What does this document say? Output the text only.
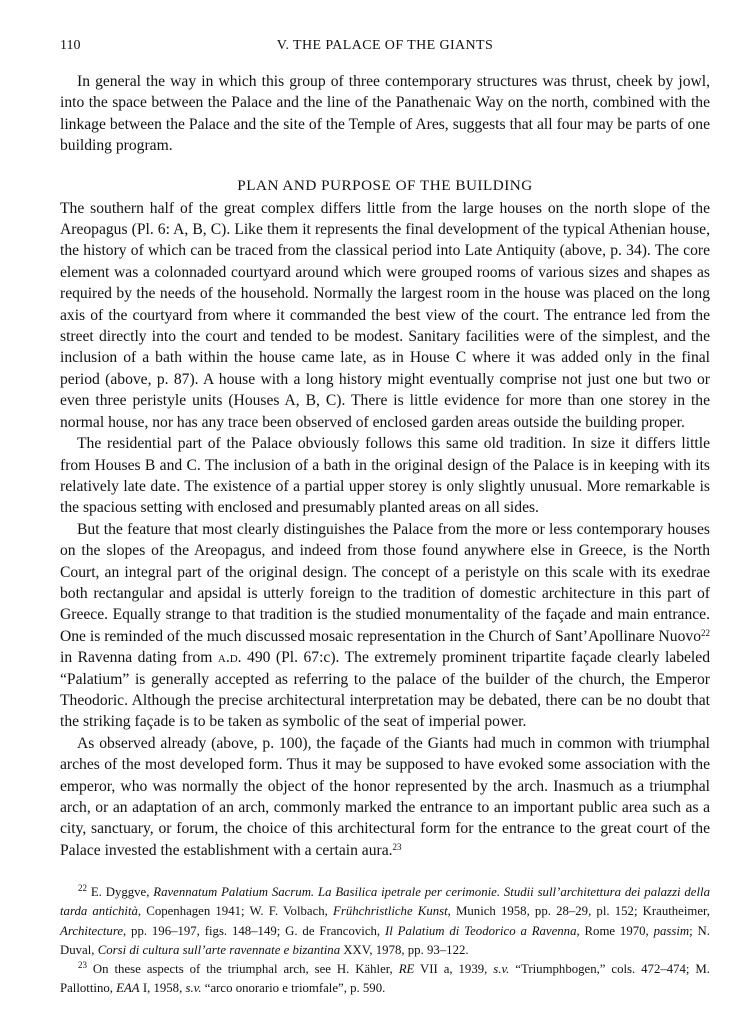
110	V. THE PALACE OF THE GIANTS

In general the way in which this group of three contemporary structures was thrust, cheek by jowl, into the space between the Palace and the line of the Panathenaic Way on the north, combined with the linkage between the Palace and the site of the Temple of Ares, suggests that all four may be parts of one building program.

PLAN AND PURPOSE OF THE BUILDING

The southern half of the great complex differs little from the large houses on the north slope of the Areopagus (Pl. 6: A, B, C). Like them it represents the final development of the typical Athenian house, the history of which can be traced from the classical period into Late Antiquity (above, p. 34). The core element was a colonnaded courtyard around which were grouped rooms of various sizes and shapes as required by the needs of the household. Normally the largest room in the house was placed on the long axis of the courtyard from where it commanded the best view of the court. The entrance led from the street directly into the court and tended to be modest. Sanitary facilities were of the simplest, and the inclusion of a bath within the house came late, as in House C where it was added only in the final period (above, p. 87). A house with a long history might eventually comprise not just one but two or even three peristyle units (Houses A, B, C). There is little evidence for more than one storey in the normal house, nor has any trace been observed of enclosed garden areas outside the building proper.

The residential part of the Palace obviously follows this same old tradition. In size it differs little from Houses B and C. The inclusion of a bath in the original design of the Palace is in keeping with its relatively late date. The existence of a partial upper storey is only slightly unusual. More remarkable is the spacious setting with enclosed and presumably planted areas on all sides.

But the feature that most clearly distinguishes the Palace from the more or less contemporary houses on the slopes of the Areopagus, and indeed from those found anywhere else in Greece, is the North Court, an integral part of the original design. The concept of a peristyle on this scale with its exedrae both rectangular and apsidal is utterly foreign to the tradition of domestic architecture in this part of Greece. Equally strange to that tradition is the studied monumentality of the façade and main entrance. One is reminded of the much discussed mosaic representation in the Church of Sant’Apollinare Nuovo$^{22}$ in Ravenna dating from a.d. 490 (Pl. 67:c). The extremely prominent tripartite façade clearly labeled “Palatium” is generally accepted as referring to the palace of the builder of the church, the Emperor Theodoric. Although the precise architectural interpretation may be debated, there can be no doubt that the striking façade is to be taken as symbolic of the seat of imperial power.

As observed already (above, p. 100), the façade of the Giants had much in common with triumphal arches of the most developed form. Thus it may be supposed to have evoked some association with the emperor, who was normally the object of the honor represented by the arch. Inasmuch as a triumphal arch, or an adaptation of an arch, commonly marked the entrance to an important public area such as a city, sanctuary, or forum, the choice of this architectural form for the entrance to the great court of the Palace invested the establishment with a certain aura.$^{23}$

$^{22}$ E. Dyggve, Ravennatum Palatium Sacrum. La Basilica ipetrale per cerimonie. Studii sull’architettura dei palazzi della tarda antichità, Copenhagen 1941; W. F. Volbach, Frühchristliche Kunst, Munich 1958, pp. 28–29, pl. 152; Krautheimer, Architecture, pp. 196–197, figs. 148–149; G. de Francovich, Il Palatium di Teodorico a Ravenna, Rome 1970, passim; N. Duval, Corsi di cultura sull’arte ravennate e bizantina XXV, 1978, pp. 93–122.

$^{23}$ On these aspects of the triumphal arch, see H. Kähler, RE VII a, 1939, s.v. “Triumphbogen,” cols. 472–474; M. Pallottino, EAA I, 1958, s.v. “arco onorario e triomfale”, p. 590.
